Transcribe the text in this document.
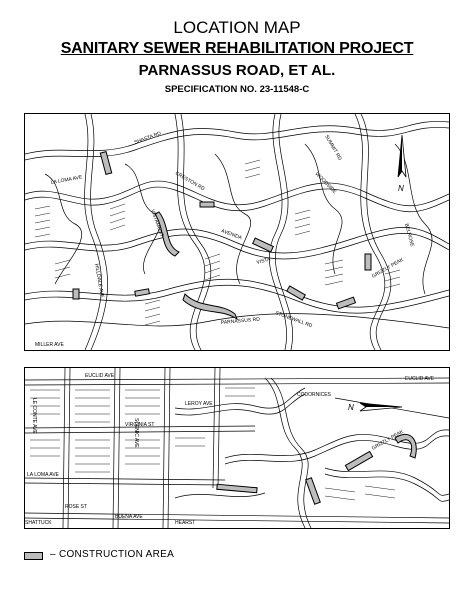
LOCATION MAP
SANITARY SEWER REHABILITATION PROJECT
PARNASSUS ROAD, ET AL.
SPECIFICATION NO. 23-11548-C
LA LOMA AVE
AVENIDA
GRIZZLY PEAK
SUMMIT RD
SHASTA RD
VISTAMONT
VISTA
WOODSIDE
PARNASSUS RD
HILLDALE AVE
MILLER AVE
CRESTON RD
STONEWALL RD
BELROSE
N
EUCLID AVE
LEROY AVE
SCENIC AVE
LE CONTE AVE	VIRGINIA ST
LA LOMA AVE
BUENA AVE
ROSE ST
SHATTUCK	HEARST
GRIZZLY PEAK
CODORNICES
EUCLID AVE
N
– CONSTRUCTION AREA
